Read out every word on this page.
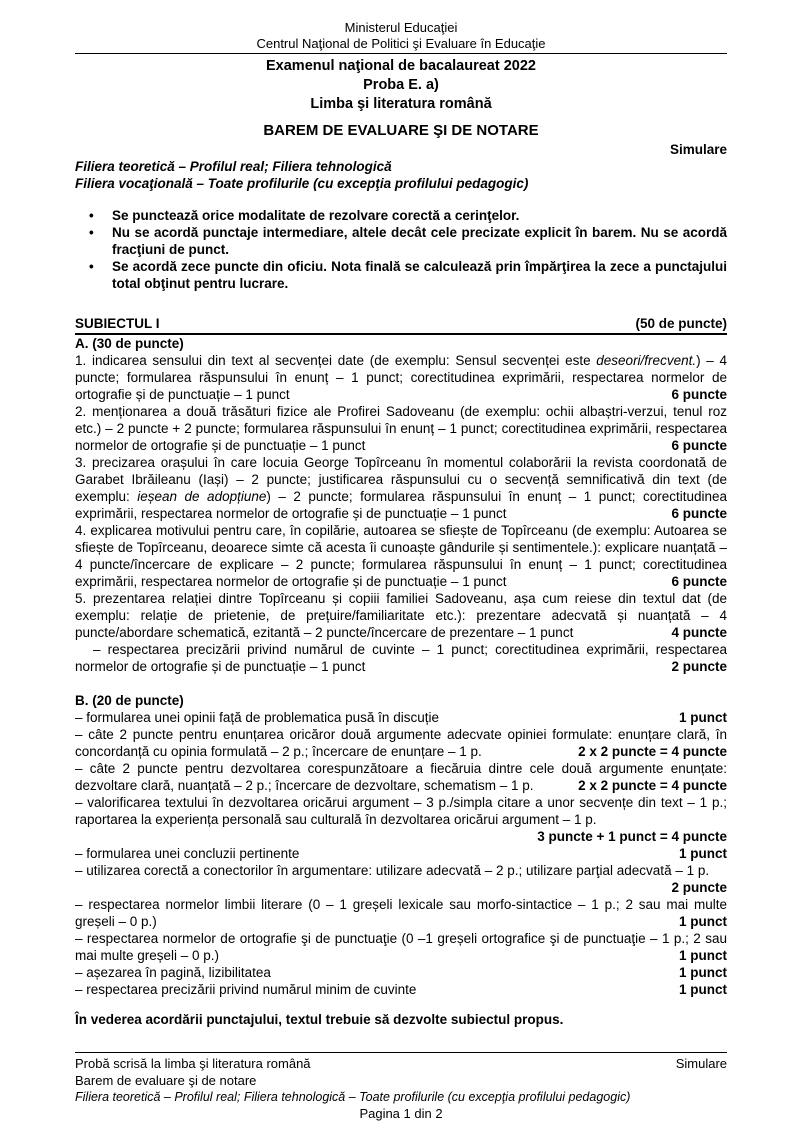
Ministerul Educaţiei
Centrul Naţional de Politici şi Evaluare în Educaţie
Examenul naţional de bacalaureat 2022
Proba E. a)
Limba şi literatura română
BAREM DE EVALUARE ŞI DE NOTARE
Simulare
Filiera teoretică – Profilul real; Filiera tehnologică
Filiera vocaţională – Toate profilurile (cu excepţia profilului pedagogic)
• Se punctează orice modalitate de rezolvare corectă a cerinţelor.
• Nu se acordă punctaje intermediare, altele decât cele precizate explicit în barem. Nu se acordă fracţiuni de punct.
• Se acordă zece puncte din oficiu. Nota finală se calculează prin împărţirea la zece a punctajului total obţinut pentru lucrare.
SUBIECTUL I	(50 de puncte)
A. (30 de puncte)

1. indicarea sensului din text al secvenței date (de exemplu: Sensul secvenței este deseori/frecvent.) – 4 puncte; formularea răspunsului în enunț – 1 punct; corectitudinea exprimării, respectarea normelor de ortografie și de punctuație – 1 punct	6 puncte

2. menționarea a două trăsături fizice ale Profirei Sadoveanu (de exemplu: ochii albaștri-verzui, tenul roz etc.) – 2 puncte + 2 puncte; formularea răspunsului în enunț – 1 punct; corectitudinea exprimării, respectarea normelor de ortografie și de punctuație – 1 punct	6 puncte

3. precizarea orașului în care locuia George Topîrceanu în momentul colaborării la revista coordonată de Garabet Ibrăileanu (Iași) – 2 puncte; justificarea răspunsului cu o secvență semnificativă din text (de exemplu: ieșean de adopțiune) – 2 puncte; formularea răspunsului în enunț – 1 punct; corectitudinea exprimării, respectarea normelor de ortografie și de punctuație – 1 punct	6 puncte

4. explicarea motivului pentru care, în copilărie, autoarea se sfiește de Topîrceanu (de exemplu: Autoarea se sfiește de Topîrceanu, deoarece simte că acesta îi cunoaște gândurile și sentimentele.): explicare nuanțată – 4 puncte/încercare de explicare – 2 puncte; formularea răspunsului în enunț – 1 punct; corectitudinea exprimării, respectarea normelor de ortografie și de punctuație – 1 punct	6 puncte

5. prezentarea relației dintre Topîrceanu și copiii familiei Sadoveanu, așa cum reiese din textul dat (de exemplu: relație de prietenie, de prețuire/familiaritate etc.): prezentare adecvată și nuanțată – 4 puncte/abordare schematică, ezitantă – 2 puncte/încercare de prezentare – 1 punct	4 puncte

– respectarea precizării privind numărul de cuvinte – 1 punct; corectitudinea exprimării, respectarea normelor de ortografie și de punctuație – 1 punct	2 puncte

B. (20 de puncte)

– formularea unei opinii față de problematica pusă în discuție	1 punct

– câte 2 puncte pentru enunțarea oricăror două argumente adecvate opiniei formulate: enunțare clară, în concordanță cu opinia formulată – 2 p.; încercare de enunțare – 1 p.	2 x 2 puncte = 4 puncte

– câte 2 puncte pentru dezvoltarea corespunzătoare a fiecăruia dintre cele două argumente enunțate: dezvoltare clară, nuanțată – 2 p.; încercare de dezvoltare, schematism – 1 p.	2 x 2 puncte = 4 puncte

– valorificarea textului în dezvoltarea oricărui argument – 3 p./simpla citare a unor secvențe din text – 1 p.; raportarea la experiența personală sau culturală în dezvoltarea oricărui argument – 1 p.

3 puncte + 1 punct = 4 puncte

– formularea unei concluzii pertinente	1 punct

– utilizarea corectă a conectorilor în argumentare: utilizare adecvată – 2 p.; utilizare parţial adecvată – 1 p.
2 puncte

– respectarea normelor limbii literare (0 – 1 greșeli lexicale sau morfo-sintactice – 1 p.; 2 sau mai multe greșeli – 0 p.)	1 punct

– respectarea normelor de ortografie şi de punctuaţie (0 –1 greșeli ortografice şi de punctuaţie – 1 p.; 2 sau mai multe greșeli – 0 p.)	1 punct

– așezarea în pagină, lizibilitatea	1 punct

– respectarea precizării privind numărul minim de cuvinte	1 punct

În vederea acordării punctajului, textul trebuie să dezvolte subiectul propus.

Probă scrisă la limba şi literatura română	Simulare
Barem de evaluare şi de notare
Filiera teoretică – Profilul real; Filiera tehnologică – Toate profilurile (cu excepţia profilului pedagogic)
Pagina 1 din 2
